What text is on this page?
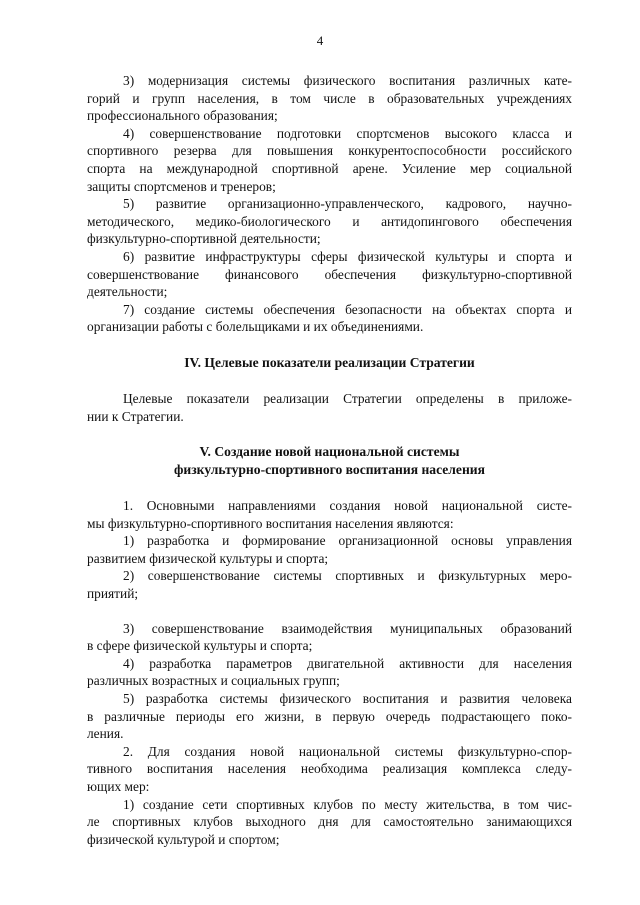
4
3) модернизация системы физического воспитания различных кате-
горий и групп населения, в том числе в образовательных учреждениях
профессионального образования;
4) совершенствование подготовки спортсменов высокого класса и
спортивного резерва для повышения конкурентоспособности российского
спорта на международной спортивной арене. Усиление мер социальной
защиты спортсменов и тренеров;
5) развитие организационно-управленческого, кадрового, научно-
методического, медико-биологического и антидопингового обеспечения
физкультурно-спортивной деятельности;
6) развитие инфраструктуры сферы физической культуры и спорта и
совершенствование финансового обеспечения физкультурно-спортивной
деятельности;
7) создание системы обеспечения безопасности на объектах спорта и
организации работы с болельщиками и их объединениями.
IV. Целевые показатели реализации Стратегии
Целевые показатели реализации Стратегии определены в приложе-
нии к Стратегии.
V. Создание новой национальной системы
физкультурно-спортивного воспитания населения
1. Основными направлениями создания новой национальной систе-
мы физкультурно-спортивного воспитания населения являются:
1) разработка и формирование организационной основы управления
развитием физической культуры и спорта;
2) совершенствование системы спортивных и физкультурных меро-
приятий;
3) совершенствование взаимодействия муниципальных образований
в сфере физической культуры и спорта;
4) разработка параметров двигательной активности для населения
различных возрастных и социальных групп;
5) разработка системы физического воспитания и развития человека
в различные периоды его жизни, в первую очередь подрастающего поко-
ления.
2. Для создания новой национальной системы физкультурно-спор-
тивного воспитания населения необходима реализация комплекса следу-
ющих мер:
1) создание сети спортивных клубов по месту жительства, в том чис-
ле спортивных клубов выходного дня для самостоятельно занимающихся
физической культурой и спортом;
